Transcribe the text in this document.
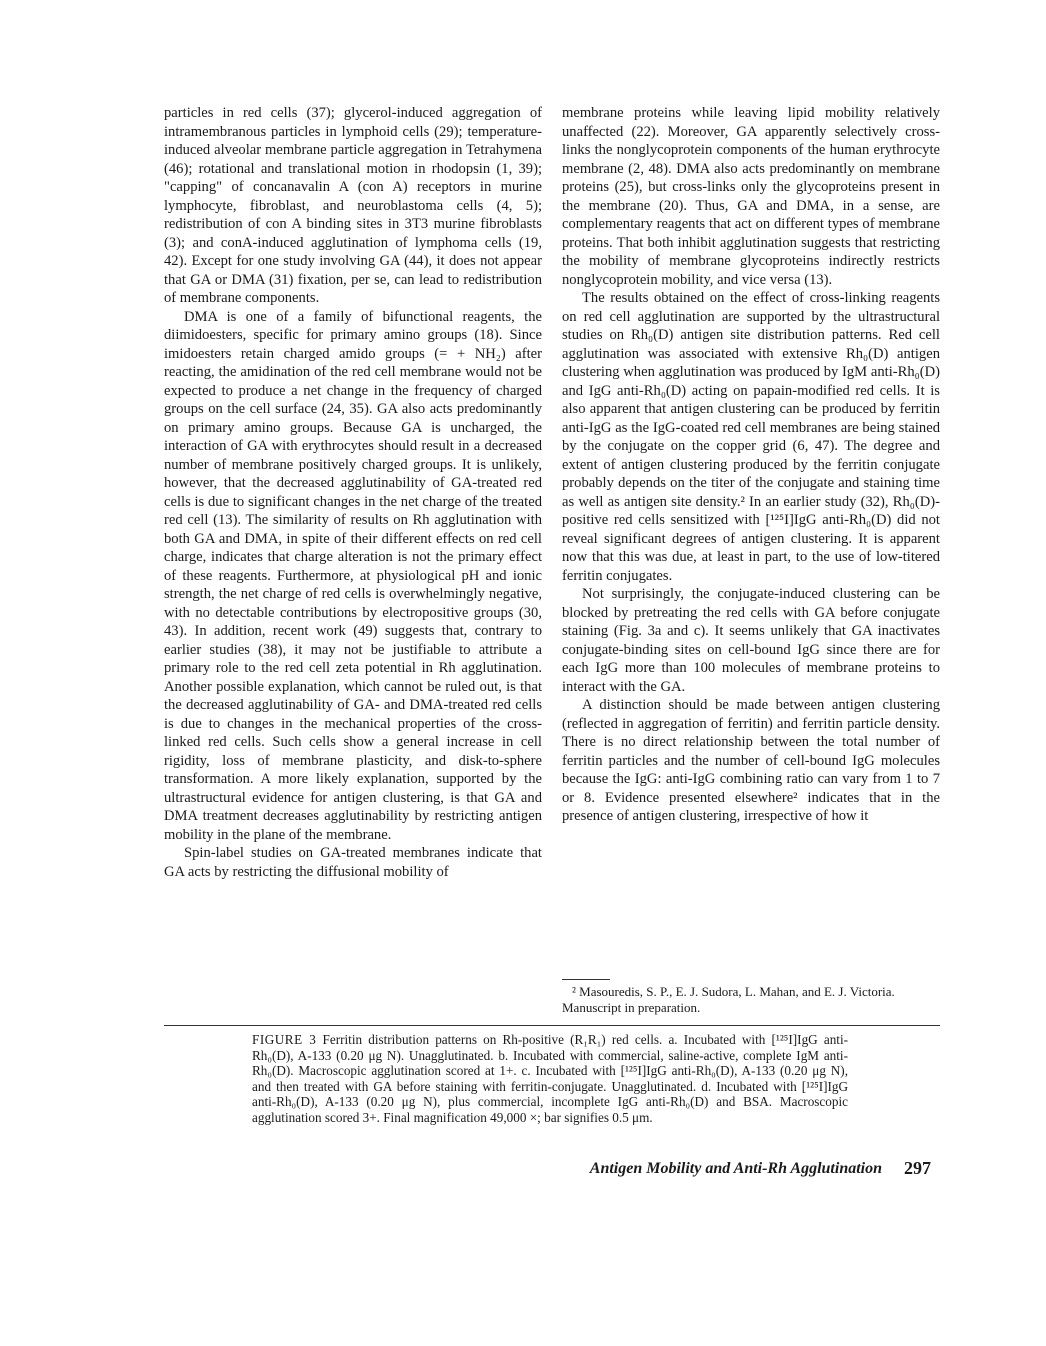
particles in red cells (37); glycerol-induced aggregation of intramembranous particles in lymphoid cells (29); temperature-induced alveolar membrane particle aggregation in Tetrahymena (46); rotational and translational motion in rhodopsin (1, 39); "capping" of concanavalin A (con A) receptors in murine lymphocyte, fibroblast, and neuroblastoma cells (4, 5); redistribution of con A binding sites in 3T3 murine fibroblasts (3); and conA-induced agglutination of lymphoma cells (19, 42). Except for one study involving GA (44), it does not appear that GA or DMA (31) fixation, per se, can lead to redistribution of membrane components.

DMA is one of a family of bifunctional reagents, the diimidoesters, specific for primary amino groups (18). Since imidoesters retain charged amido groups (= + NH₂) after reacting, the amidination of the red cell membrane would not be expected to produce a net change in the frequency of charged groups on the cell surface (24, 35). GA also acts predominantly on primary amino groups. Because GA is uncharged, the interaction of GA with erythrocytes should result in a decreased number of membrane positively charged groups. It is unlikely, however, that the decreased agglutinability of GA-treated red cells is due to significant changes in the net charge of the treated red cell (13). The similarity of results on Rh agglutination with both GA and DMA, in spite of their different effects on red cell charge, indicates that charge alteration is not the primary effect of these reagents. Furthermore, at physiological pH and ionic strength, the net charge of red cells is overwhelmingly negative, with no detectable contributions by electropositive groups (30, 43). In addition, recent work (49) suggests that, contrary to earlier studies (38), it may not be justifiable to attribute a primary role to the red cell zeta potential in Rh agglutination. Another possible explanation, which cannot be ruled out, is that the decreased agglutinability of GA- and DMA-treated red cells is due to changes in the mechanical properties of the cross-linked red cells. Such cells show a general increase in cell rigidity, loss of membrane plasticity, and disk-to-sphere transformation. A more likely explanation, supported by the ultrastructural evidence for antigen clustering, is that GA and DMA treatment decreases agglutinability by restricting antigen mobility in the plane of the membrane.

Spin-label studies on GA-treated membranes indicate that GA acts by restricting the diffusional mobility of

membrane proteins while leaving lipid mobility relatively unaffected (22). Moreover, GA apparently selectively cross-links the nonglycoprotein components of the human erythrocyte membrane (2, 48). DMA also acts predominantly on membrane proteins (25), but cross-links only the glycoproteins present in the membrane (20). Thus, GA and DMA, in a sense, are complementary reagents that act on different types of membrane proteins. That both inhibit agglutination suggests that restricting the mobility of membrane glycoproteins indirectly restricts nonglycoprotein mobility, and vice versa (13).

The results obtained on the effect of cross-linking reagents on red cell agglutination are supported by the ultrastructural studies on Rh₀(D) antigen site distribution patterns. Red cell agglutination was associated with extensive Rh₀(D) antigen clustering when agglutination was produced by IgM anti-Rh₀(D) and IgG anti-Rh₀(D) acting on papain-modified red cells. It is also apparent that antigen clustering can be produced by ferritin anti-IgG as the IgG-coated red cell membranes are being stained by the conjugate on the copper grid (6, 47). The degree and extent of antigen clustering produced by the ferritin conjugate probably depends on the titer of the conjugate and staining time as well as antigen site density.² In an earlier study (32), Rh₀(D)-positive red cells sensitized with [¹²⁵I]IgG anti-Rh₀(D) did not reveal significant degrees of antigen clustering. It is apparent now that this was due, at least in part, to the use of low-titered ferritin conjugates.

Not surprisingly, the conjugate-induced clustering can be blocked by pretreating the red cells with GA before conjugate staining (Fig. 3a and c). It seems unlikely that GA inactivates conjugate-binding sites on cell-bound IgG since there are for each IgG more than 100 molecules of membrane proteins to interact with the GA.

A distinction should be made between antigen clustering (reflected in aggregation of ferritin) and ferritin particle density. There is no direct relationship between the total number of ferritin particles and the number of cell-bound IgG molecules because the IgG: anti-IgG combining ratio can vary from 1 to 7 or 8. Evidence presented elsewhere² indicates that in the presence of antigen clustering, irrespective of how it

² Masouredis, S. P., E. J. Sudora, L. Mahan, and E. J. Victoria. Manuscript in preparation.
FIGURE 3 Ferritin distribution patterns on Rh-positive (R₁R₁) red cells. a. Incubated with [¹²⁵I]IgG anti-Rh₀(D), A-133 (0.20 μg N). Unagglutinated. b. Incubated with commercial, saline-active, complete IgM anti-Rh₀(D). Macroscopic agglutination scored at 1+. c. Incubated with [¹²⁵I]IgG anti-Rh₀(D), A-133 (0.20 μg N), and then treated with GA before staining with ferritin-conjugate. Unagglutinated. d. Incubated with [¹²⁵I]IgG anti-Rh₀(D), A-133 (0.20 μg N), plus commercial, incomplete IgG anti-Rh₀(D) and BSA. Macroscopic agglutination scored 3+. Final magnification 49,000 ×; bar signifies 0.5 μm.
Antigen Mobility and Anti-Rh Agglutination 297
